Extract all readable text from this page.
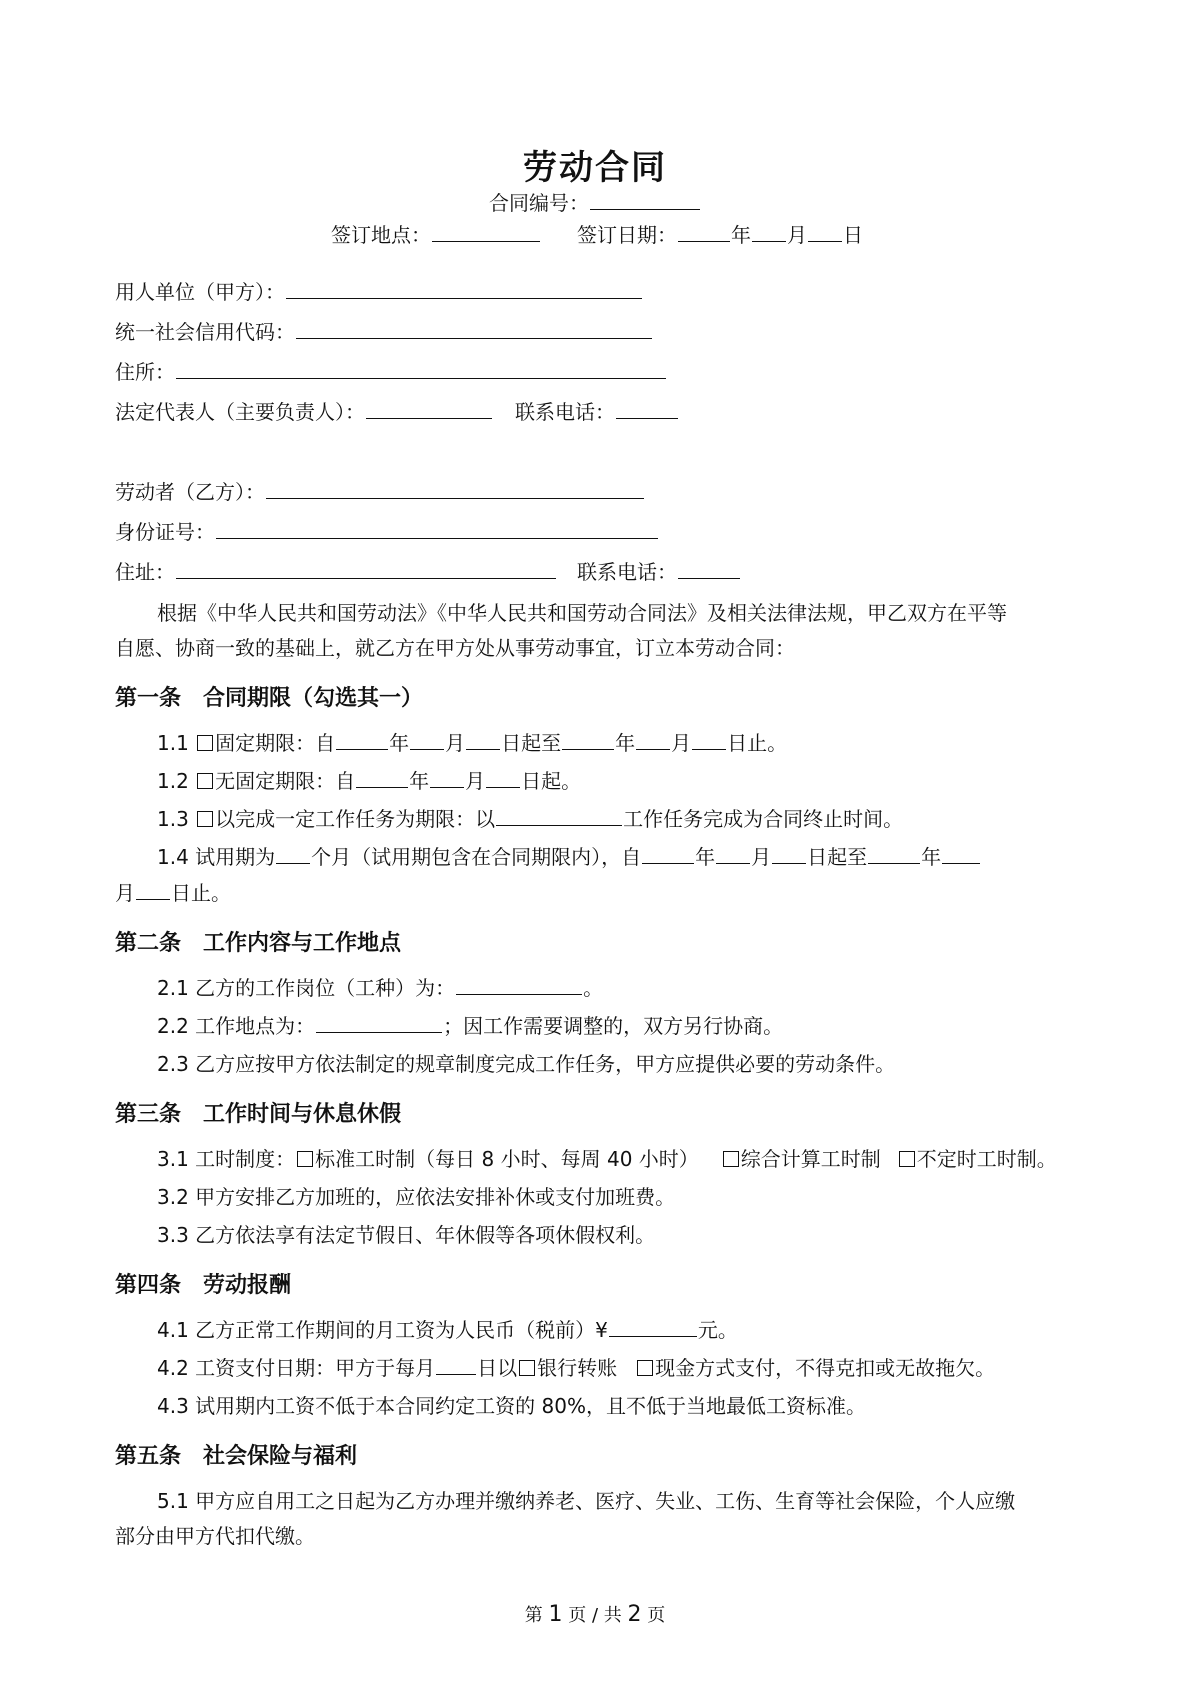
劳动合同
合同编号：
签订地点：	签订日期：	年 月 日
用人单位（甲方）：
统一社会信用代码：
住所：
法定代表人（主要负责人）：	联系电话：
劳动者（乙方）：
身份证号：
住址：	联系电话：
根据《中华人民共和国劳动法》《中华人民共和国劳动合同法》及相关法律法规，甲乙双方在平等
自愿、协商一致的基础上，就乙方在甲方处从事劳动事宜，订立本劳动合同：
第一条　合同期限（勾选其一）
1.1 固定期限：自	年 月 日起至	年 月 日止。
1.2 无固定期限：自	年 月 日起。
1.3 以完成一定工作任务为期限：以	工作任务完成为合同终止时间。
1.4 试用期为 个月（试用期包含在合同期限内），自	年 月 日起至	年
月 日止。
第二条　工作内容与工作地点
2.1 乙方的工作岗位（工种）为：	。
2.2 工作地点为：	；因工作需要调整的，双方另行协商。
2.3 乙方应按甲方依法制定的规章制度完成工作任务，甲方应提供必要的劳动条件。
第三条　工作时间与休息休假
3.1 工时制度： 标准工时制（每日 8 小时、每周 40 小时） 综合计算工时制 不定时工时制。
3.2 甲方安排乙方加班的，应依法安排补休或支付加班费。
3.3 乙方依法享有法定节假日、年休假等各项休假权利。
第四条　劳动报酬
4.1 乙方正常工作期间的月工资为人民币（税前）¥	元。
4.2 工资支付日期：甲方于每月 日以 银行转账 现金方式支付，不得克扣或无故拖欠。
4.3 试用期内工资不低于本合同约定工资的 80%，且不低于当地最低工资标准。
第五条　社会保险与福利
5.1 甲方应自用工之日起为乙方办理并缴纳养老、医疗、失业、工伤、生育等社会保险，个人应缴
部分由甲方代扣代缴。
第 1 页 / 共 2 页
